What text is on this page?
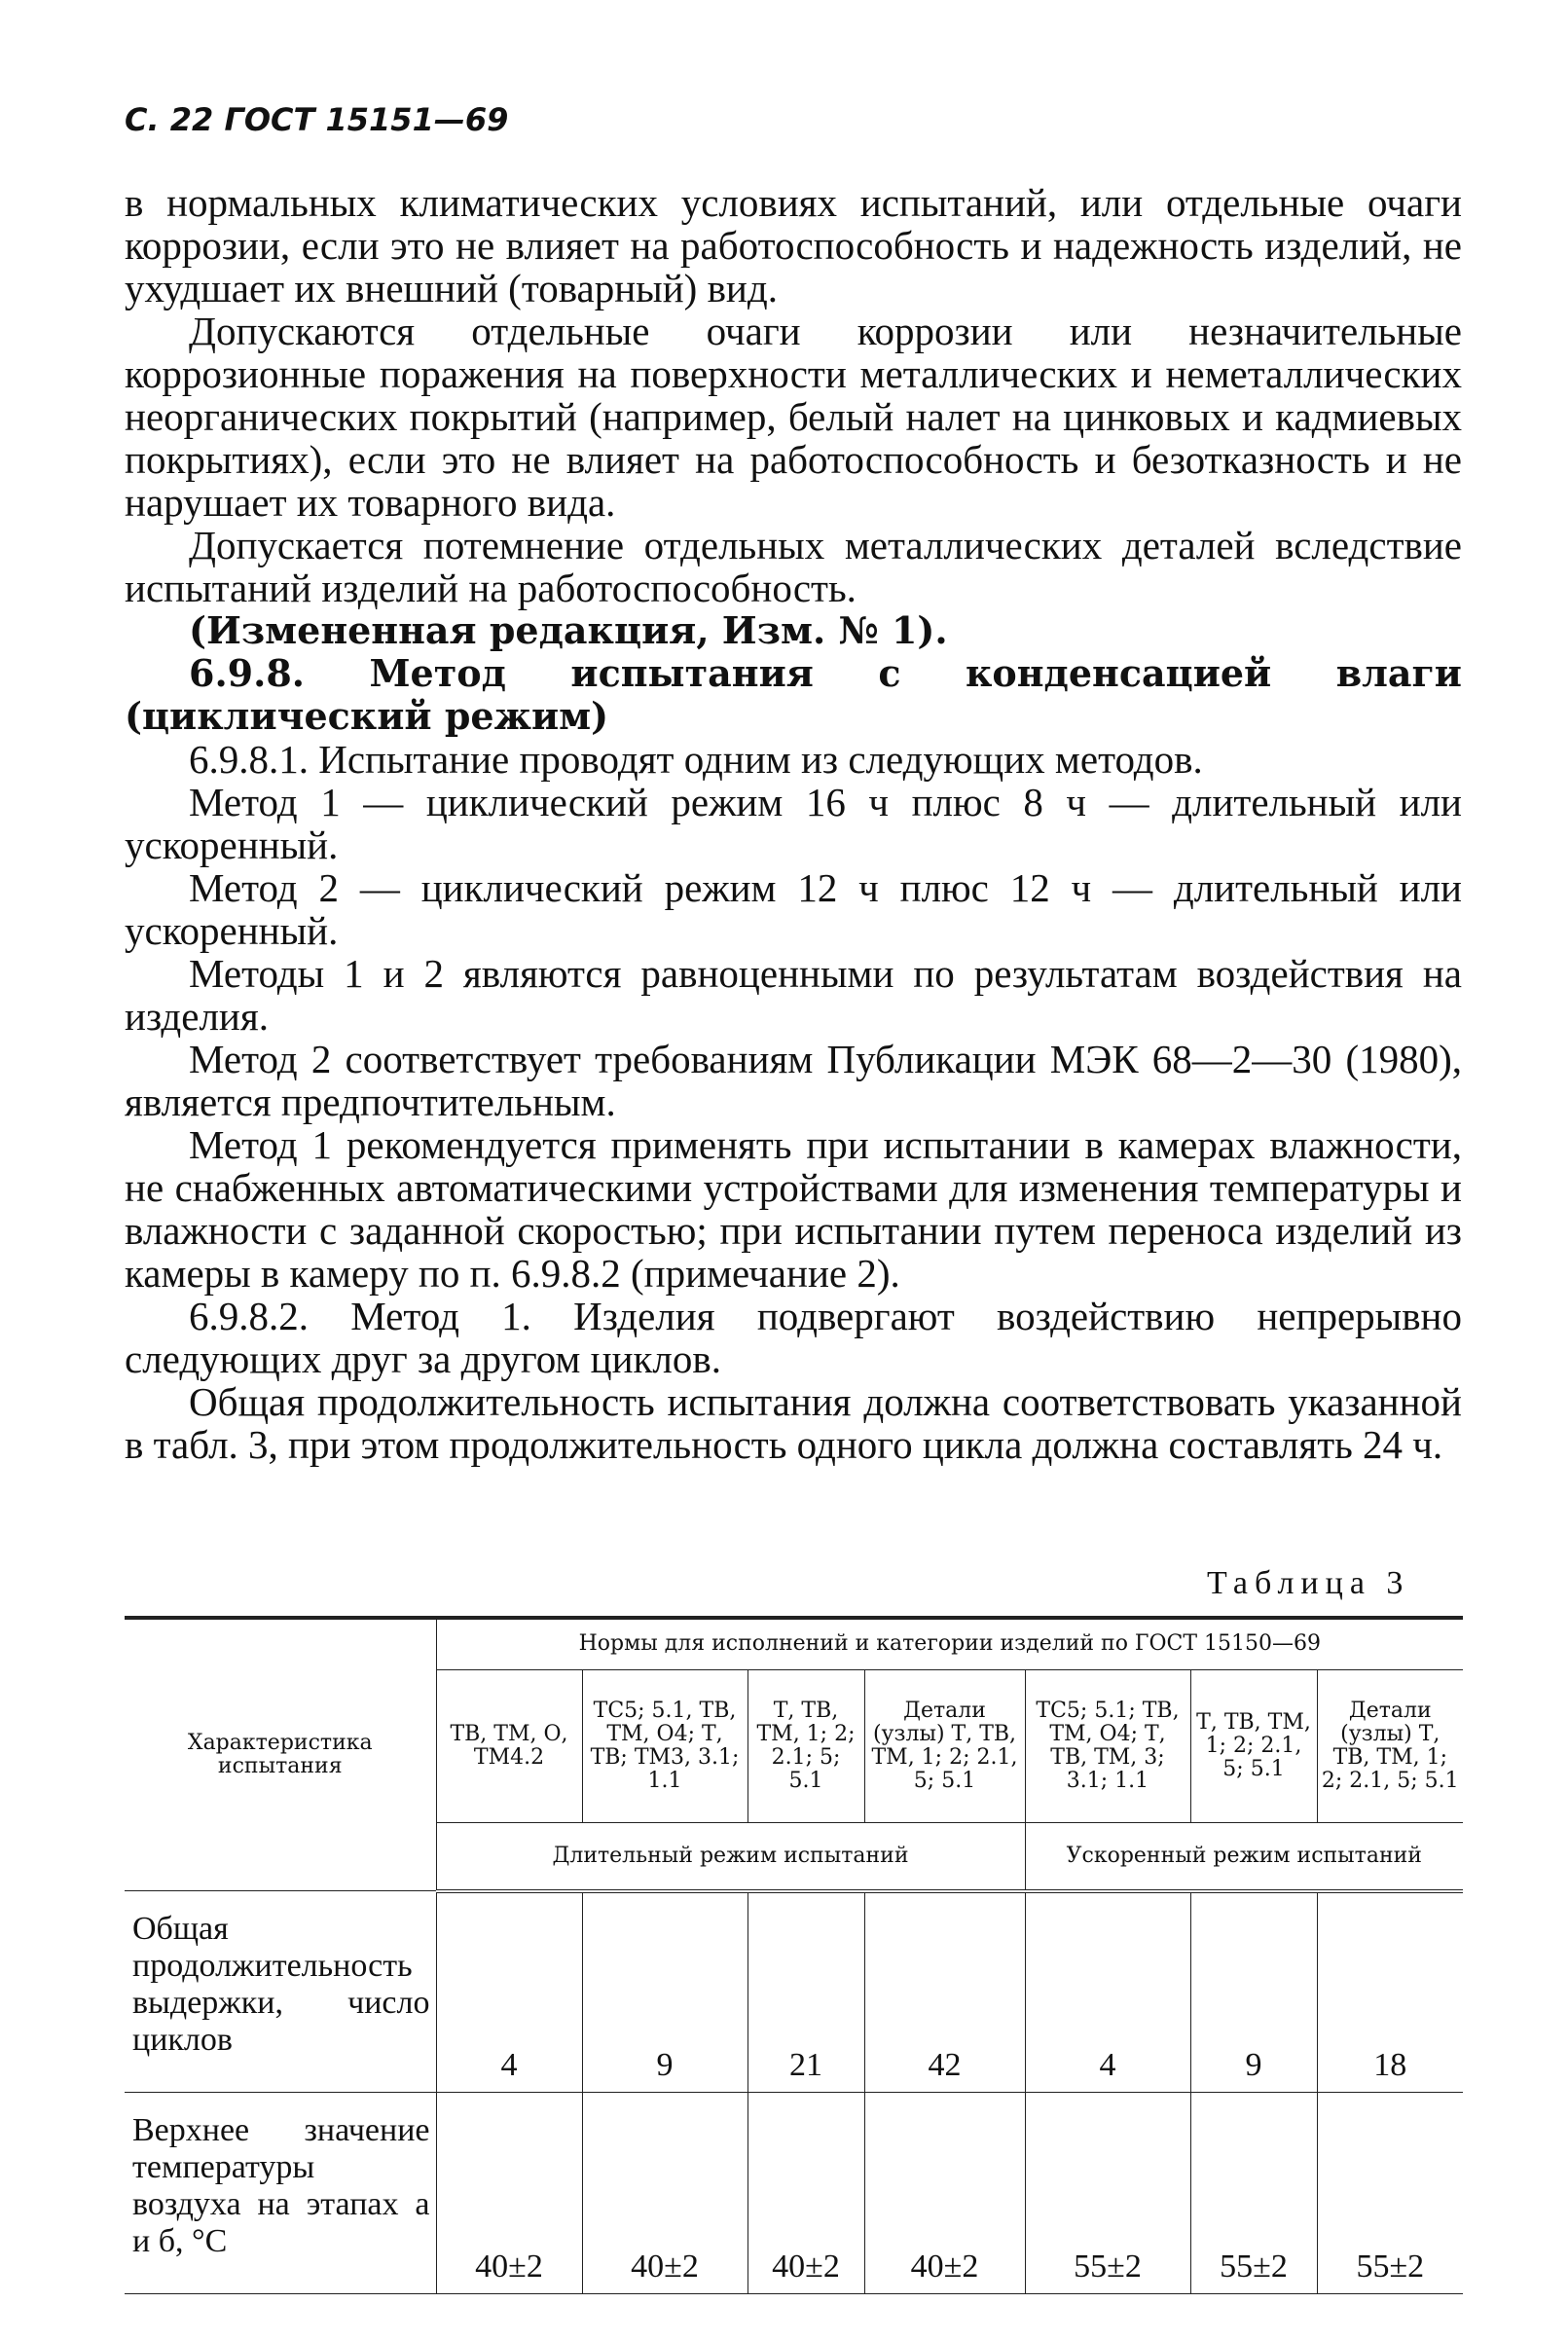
С. 22 ГОСТ 15151—69

в нормальных климатических условиях испытаний, или отдельные очаги коррозии, если это не влияет на работоспособность и надежность изделий, не ухудшает их внешний (товарный) вид.

Допускаются отдельные очаги коррозии или незначительные коррозионные поражения на поверхности металлических и неметаллических неорганических покрытий (например, белый налет на цинковых и кадмиевых покрытиях), если это не влияет на работоспособность и безотказность и не нарушает их товарного вида.

Допускается потемнение отдельных металлических деталей вследствие испытаний изделий на работоспособность.

(Измененная редакция, Изм. № 1).

6.9.8. Метод испытания с конденсацией влаги (циклический режим)

6.9.8.1. Испытание проводят одним из следующих методов.

Метод 1 — циклический режим 16 ч плюс 8 ч — длительный или ускоренный.

Метод 2 — циклический режим 12 ч плюс 12 ч — длительный или ускоренный.

Методы 1 и 2 являются равноценными по результатам воздействия на изделия.

Метод 2 соответствует требованиям Публикации МЭК 68—2—30 (1980), является предпочтительным.

Метод 1 рекомендуется применять при испытании в камерах влажности, не снабженных автоматическими устройствами для изменения температуры и влажности с заданной скоростью; при испытании путем переноса изделий из камеры в камеру по п. 6.9.8.2 (примечание 2).

6.9.8.2. Метод 1. Изделия подвергают воздействию непрерывно следующих друг за другом циклов.

Общая продолжительность испытания должна соответствовать указанной в табл. 3, при этом продолжительность одного цикла должна составлять 24 ч.

Таблица 3
Характеристика испытания	Нормы для исполнений и категории изделий по ГОСТ 15150—69						
	ТВ, ТМ, О, ТМ4.2	ТС5; 5.1, ТВ, ТМ, О4; Т, ТВ; ТМ3, 3.1; 1.1	Т, ТВ, ТМ, 1; 2; 2.1; 5; 5.1	Детали (узлы) Т, ТВ, ТМ, 1; 2; 2.1, 5; 5.1	ТС5; 5.1; ТВ, ТМ, О4; Т, ТВ, ТМ, 3; 3.1; 1.1	Т, ТВ, ТМ, 1; 2; 2.1, 5; 5.1	Детали (узлы) Т, ТВ, ТМ, 1; 2; 2.1, 5; 5.1
	Длительный режим испытаний				Ускоренный режим испытаний		
Общая продолжительность выдержки, число циклов	4	9	21	42	4	9	18
Верхнее значение температуры воздуха на этапах а и б, °С	40±2	40±2	40±2	40±2	55±2	55±2	55±2
